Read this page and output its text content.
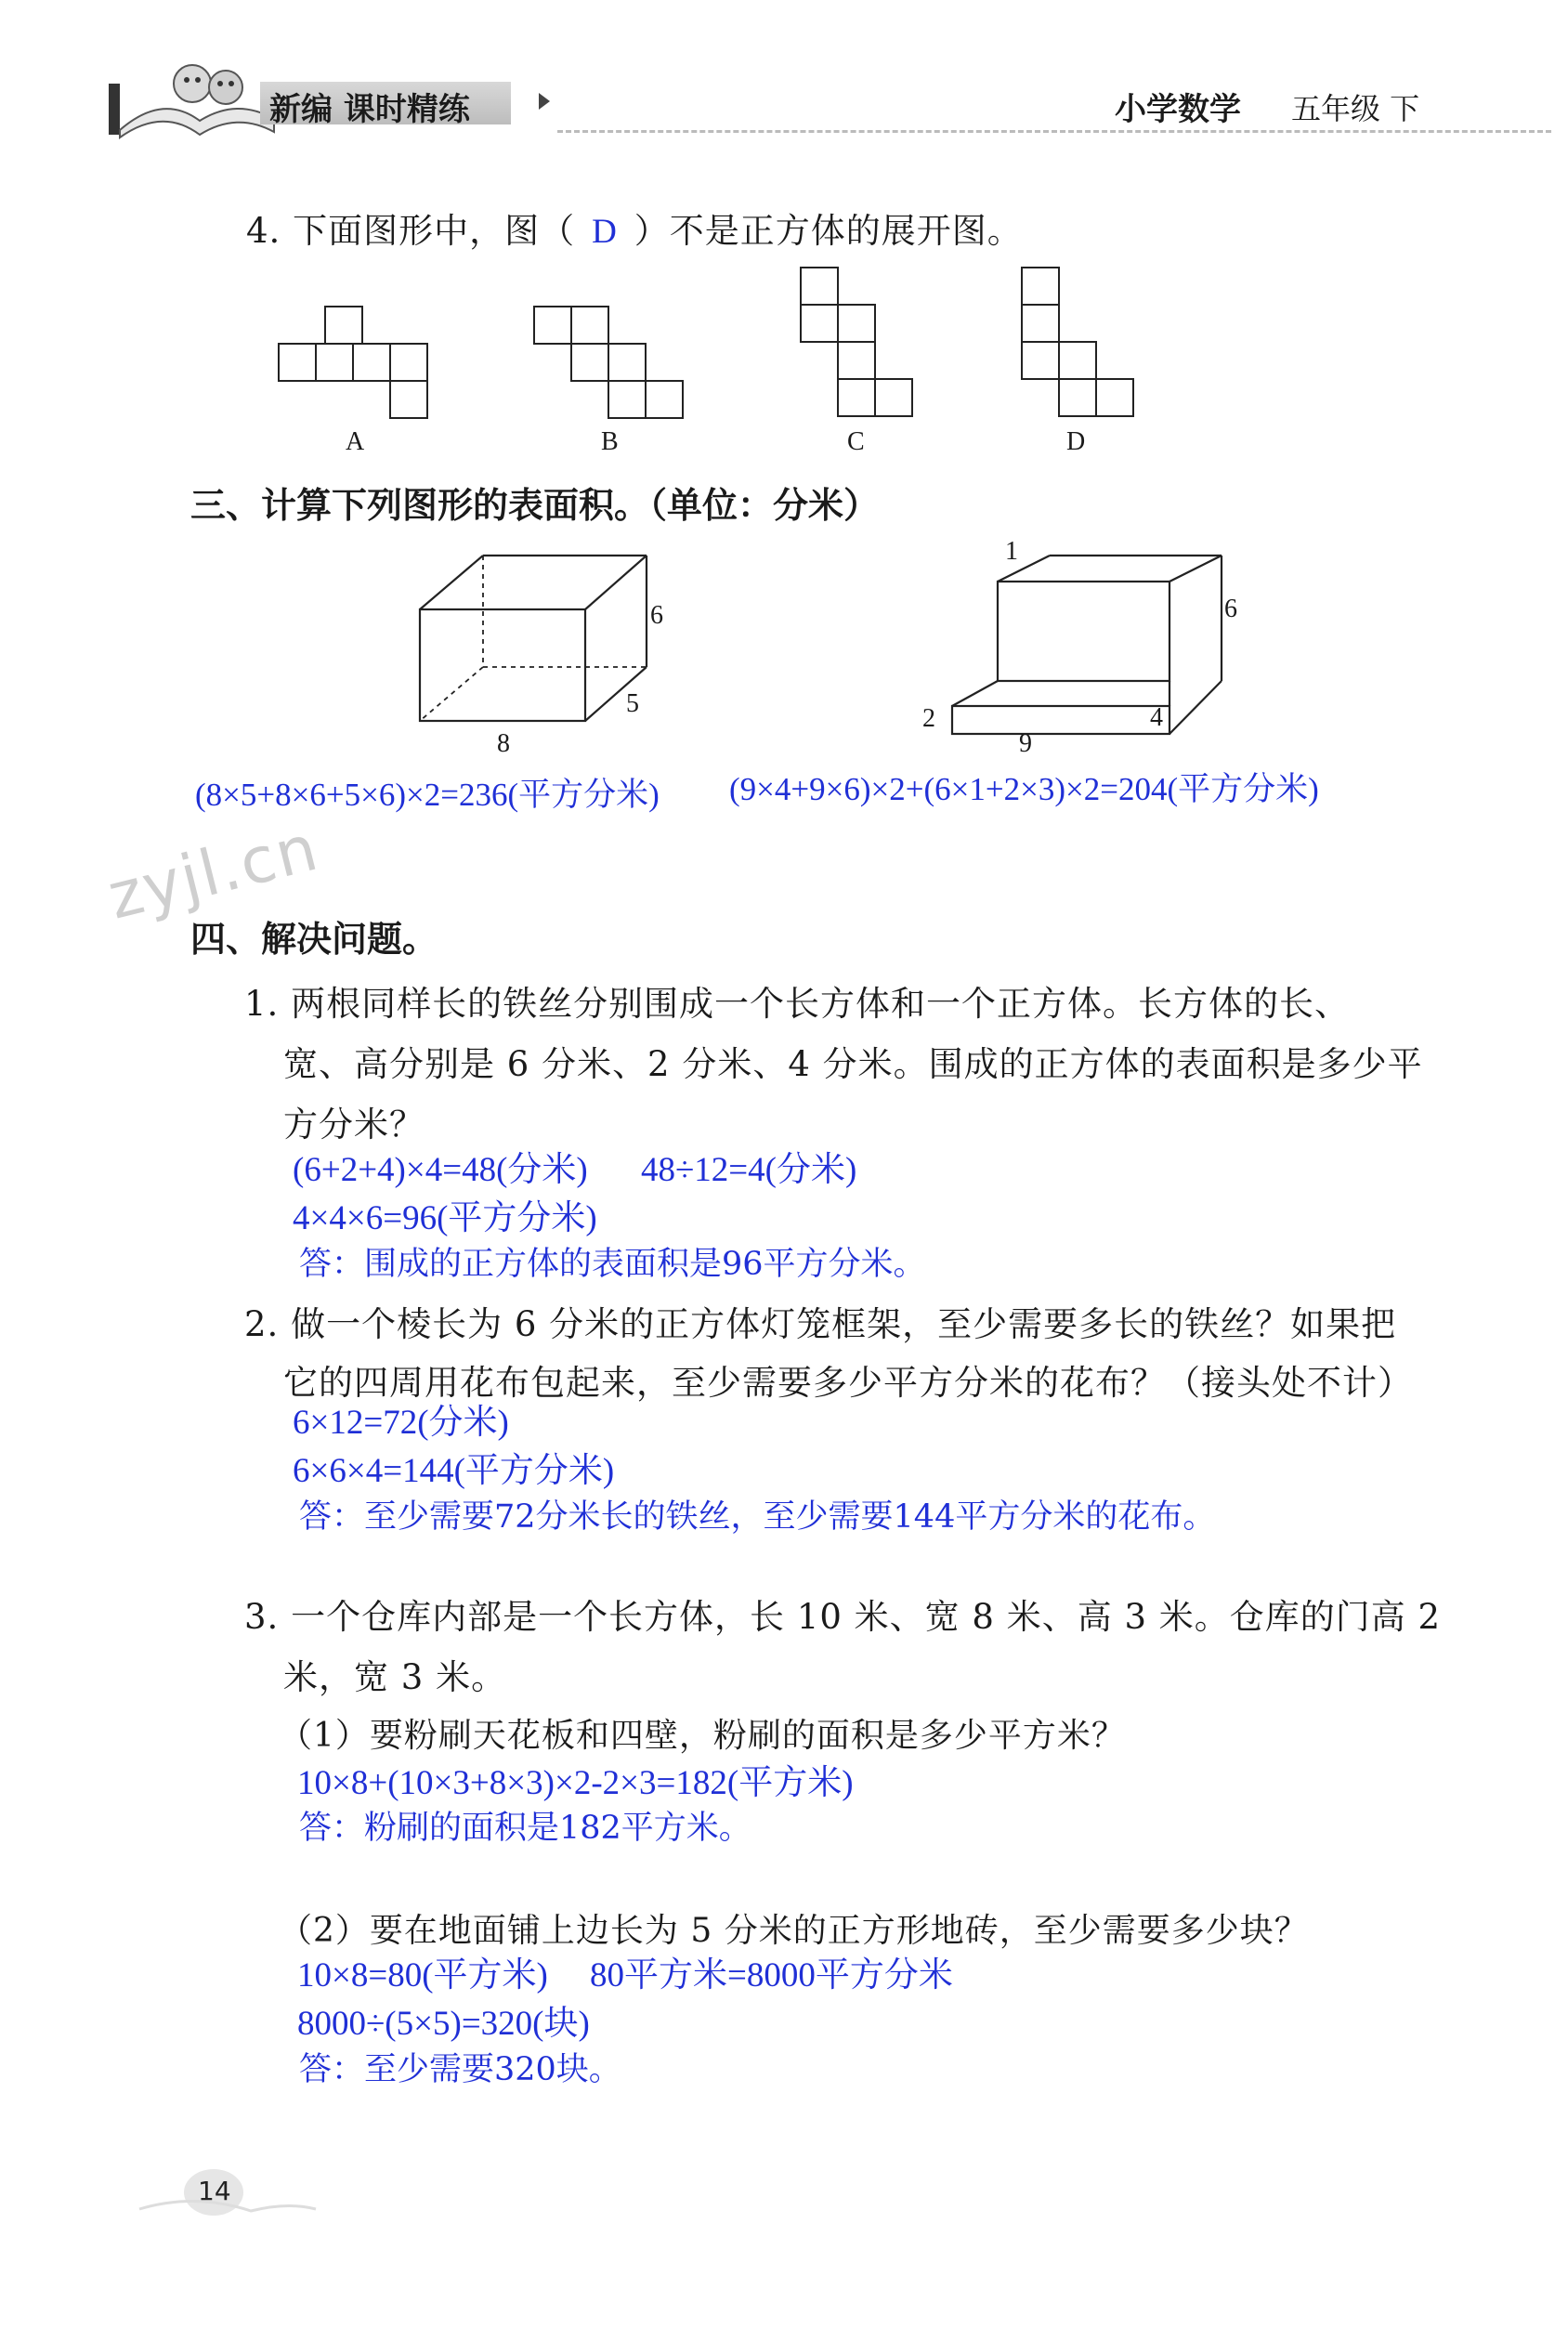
新编 课时精练	小学数学 五年级 下
4. 下面图形中，图（ D ）不是正方体的展开图。
A	B	C	D
三、计算下列图形的表面积。（单位：分米）
6
5
8
1
6
2	4
9
(8×5+8×6+5×6)×2=236(平方分米) (9×4+9×6)×2+(6×1+2×3)×2=204(平方分米)
zyjl.cn
四、解决问题。
1. 两根同样长的铁丝分别围成一个长方体和一个正方体。长方体的长、
宽、高分别是 6 分米、2 分米、4 分米。围成的正方体的表面积是多少平
方分米？
(6+2+4)×4=48(分米) 48÷12=4(分米)
4×4×6=96(平方分米)
答：围成的正方体的表面积是96平方分米。
2. 做一个棱长为 6 分米的正方体灯笼框架，至少需要多长的铁丝？如果把
它的四周用花布包起来，至少需要多少平方分米的花布？（接头处不计）
6×12=72(分米)
6×6×4=144(平方分米)
答：至少需要72分米长的铁丝，至少需要144平方分米的花布。
3. 一个仓库内部是一个长方体，长 10 米、宽 8 米、高 3 米。仓库的门高 2
米，宽 3 米。
（1）要粉刷天花板和四壁，粉刷的面积是多少平方米？
10×8+(10×3+8×3)×2-2×3=182(平方米)
答：粉刷的面积是182平方米。
（2）要在地面铺上边长为 5 分米的正方形地砖，至少需要多少块？
10×8=80(平方米) 80平方米=8000平方分米
8000÷(5×5)=320(块)
答：至少需要320块。
14
